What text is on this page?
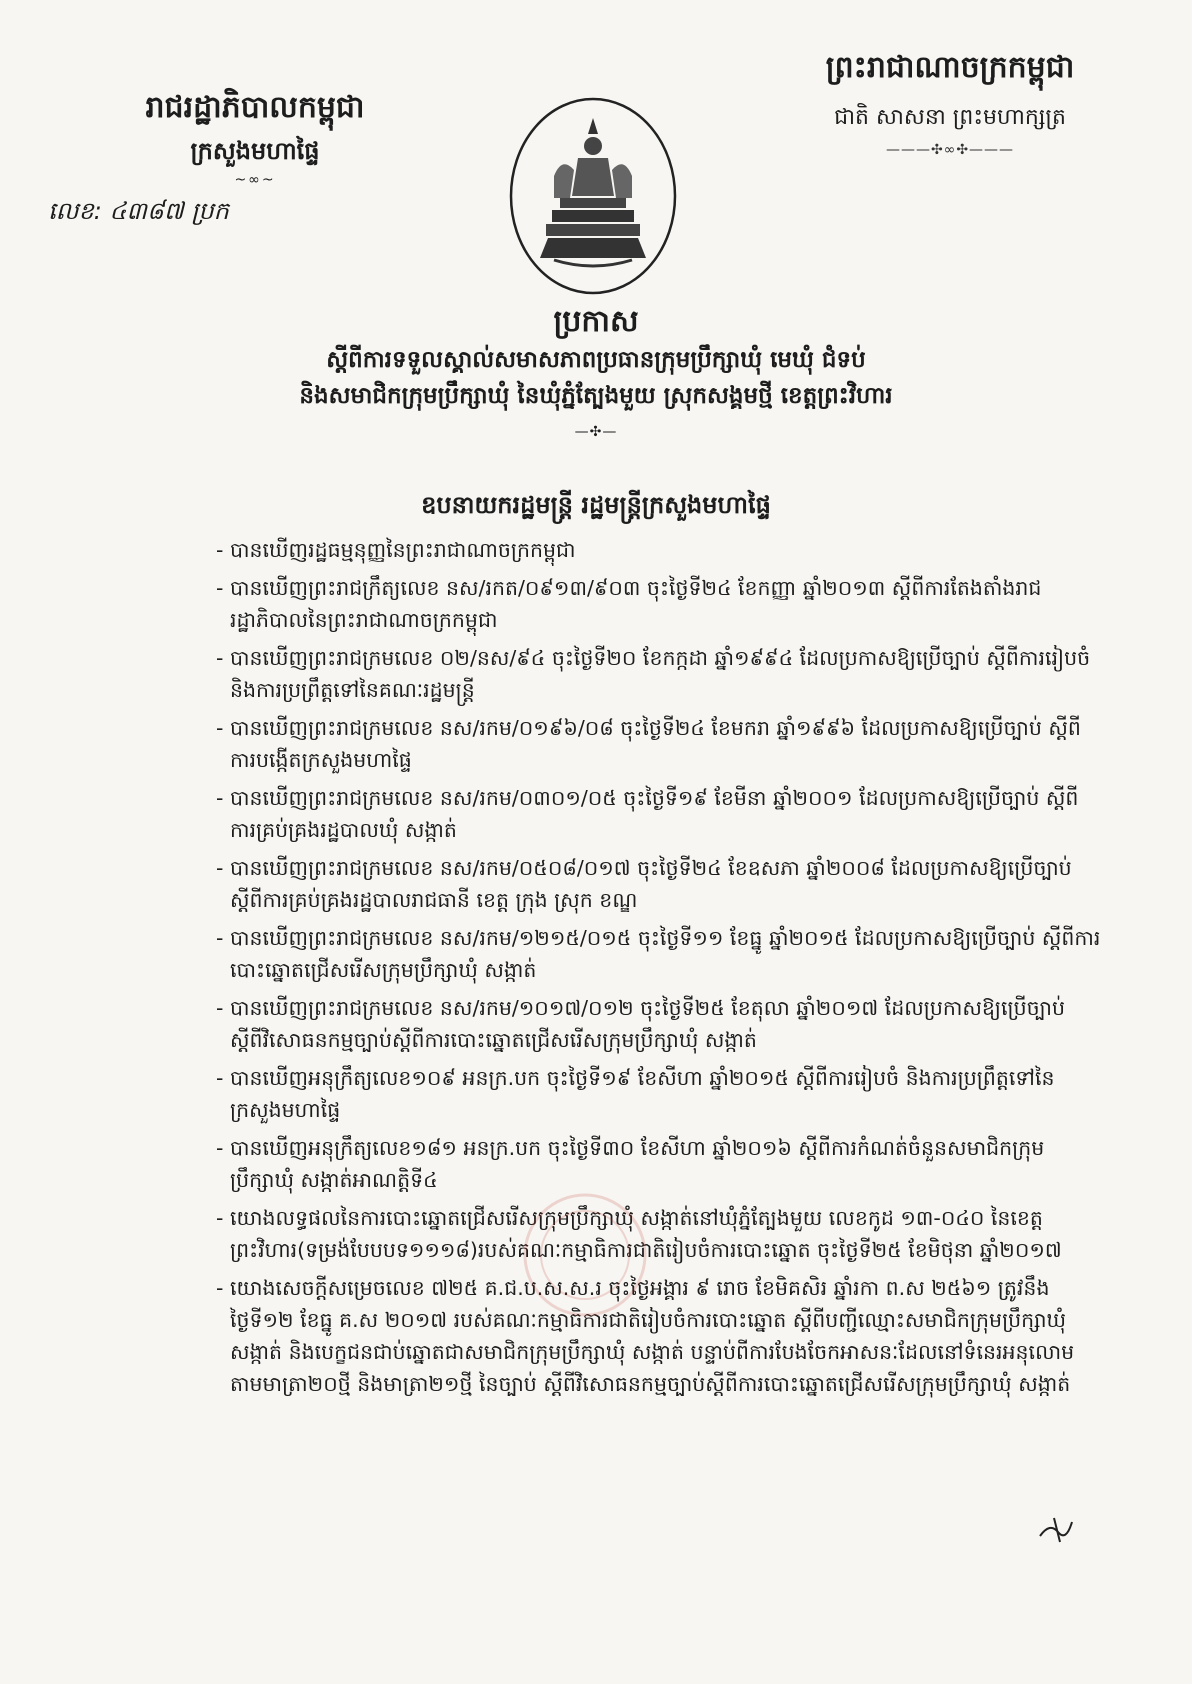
រាជរដ្ឋាភិបាលកម្ពុជា
ក្រសួងមហាផ្ទៃ
~∞~
លេខ: ៤៣៨៧ ប្រក
ព្រះរាជាណាចក្រកម្ពុជា
ជាតិ សាសនា ព្រះមហាក្សត្រ
———✣∞✣———
ប្រកាស
ស្តីពីការទទួលស្គាល់សមាសភាពប្រធានក្រុមប្រឹក្សាឃុំ មេឃុំ ជំទប់
និងសមាជិកក្រុមប្រឹក្សាឃុំ នៃឃុំភ្នំត្បែងមួយ ស្រុកសង្គមថ្មី ខេត្តព្រះវិហារ
—✣—
ឧបនាយករដ្ឋមន្ត្រី រដ្ឋមន្ត្រីក្រសួងមហាផ្ទៃ
- បានឃើញរដ្ឋធម្មនុញ្ញនៃព្រះរាជាណាចក្រកម្ពុជា
- បានឃើញព្រះរាជក្រឹត្យលេខ នស/រកត/០៩១៣/៩០៣ ចុះថ្ងៃទី២៤ ខែកញ្ញា ឆ្នាំ២០១៣ ស្តីពីការតែងតាំងរាជរដ្ឋាភិបាលនៃព្រះរាជាណាចក្រកម្ពុជា
- បានឃើញព្រះរាជក្រមលេខ ០២/នស/៩៤ ចុះថ្ងៃទី២០ ខែកក្កដា ឆ្នាំ១៩៩៤ ដែលប្រកាសឱ្យប្រើច្បាប់ ស្តីពីការរៀបចំ និងការប្រព្រឹត្តទៅនៃគណៈរដ្ឋមន្ត្រី
- បានឃើញព្រះរាជក្រមលេខ នស/រកម/០១៩៦/០៨ ចុះថ្ងៃទី២៤ ខែមករា ឆ្នាំ១៩៩៦ ដែលប្រកាសឱ្យប្រើច្បាប់ ស្តីពីការបង្កើតក្រសួងមហាផ្ទៃ
- បានឃើញព្រះរាជក្រមលេខ នស/រកម/០៣០១/០៥ ចុះថ្ងៃទី១៩ ខែមីនា ឆ្នាំ២០០១ ដែលប្រកាសឱ្យប្រើច្បាប់ ស្តីពីការគ្រប់គ្រងរដ្ឋបាលឃុំ សង្កាត់
- បានឃើញព្រះរាជក្រមលេខ នស/រកម/០៥០៨/០១៧ ចុះថ្ងៃទី២៤ ខែឧសភា ឆ្នាំ២០០៨ ដែលប្រកាសឱ្យប្រើច្បាប់ ស្តីពីការគ្រប់គ្រងរដ្ឋបាលរាជធានី ខេត្ត ក្រុង ស្រុក ខណ្ឌ
- បានឃើញព្រះរាជក្រមលេខ នស/រកម/១២១៥/០១៥ ចុះថ្ងៃទី១១ ខែធ្នូ ឆ្នាំ២០១៥ ដែលប្រកាសឱ្យប្រើច្បាប់ ស្តីពីការបោះឆ្នោតជ្រើសរើសក្រុមប្រឹក្សាឃុំ សង្កាត់
- បានឃើញព្រះរាជក្រមលេខ នស/រកម/១០១៧/០១២ ចុះថ្ងៃទី២៥ ខែតុលា ឆ្នាំ២០១៧ ដែលប្រកាសឱ្យប្រើច្បាប់ ស្តីពីវិសោធនកម្មច្បាប់ស្តីពីការបោះឆ្នោតជ្រើសរើសក្រុមប្រឹក្សាឃុំ សង្កាត់
- បានឃើញអនុក្រឹត្យលេខ១០៩ អនក្រ.បក ចុះថ្ងៃទី១៩ ខែសីហា ឆ្នាំ២០១៥ ស្តីពីការរៀបចំ និងការប្រព្រឹត្តទៅនៃក្រសួងមហាផ្ទៃ
- បានឃើញអនុក្រឹត្យលេខ១៨១ អនក្រ.បក ចុះថ្ងៃទី៣០ ខែសីហា ឆ្នាំ២០១៦ ស្តីពីការកំណត់ចំនួនសមាជិកក្រុមប្រឹក្សាឃុំ សង្កាត់អាណត្តិទី៤
- យោងលទ្ធផលនៃការបោះឆ្នោតជ្រើសរើសក្រុមប្រឹក្សាឃុំ សង្កាត់នៅឃុំភ្នំត្បែងមួយ លេខកូដ ១៣-០៤០ នៃខេត្តព្រះវិហារ(ទម្រង់បែបបទ១១១៨)របស់គណៈកម្មាធិការជាតិរៀបចំការបោះឆ្នោត ចុះថ្ងៃទី២៥ ខែមិថុនា ឆ្នាំ២០១៧
- យោងសេចក្តីសម្រេចលេខ ៧២៥ គ.ជ.ប.ស.ស.រ ចុះថ្ងៃអង្គារ ៩ រោច ខែមិគសិរ ឆ្នាំរកា ព.ស ២៥៦១ ត្រូវនឹងថ្ងៃទី១២ ខែធ្នូ គ.ស ២០១៧ របស់គណៈកម្មាធិការជាតិរៀបចំការបោះឆ្នោត ស្តីពីបញ្ជីឈ្មោះសមាជិកក្រុមប្រឹក្សាឃុំ សង្កាត់ និងបេក្ខជនជាប់ឆ្នោតជាសមាជិកក្រុមប្រឹក្សាឃុំ សង្កាត់ បន្ទាប់ពីការបែងចែកអាសនៈដែលនៅទំនេរអនុលោមតាមមាត្រា២០ថ្មី និងមាត្រា២១ថ្មី នៃច្បាប់ ស្តីពីវិសោធនកម្មច្បាប់ស្តីពីការបោះឆ្នោតជ្រើសរើសក្រុមប្រឹក្សាឃុំ សង្កាត់
